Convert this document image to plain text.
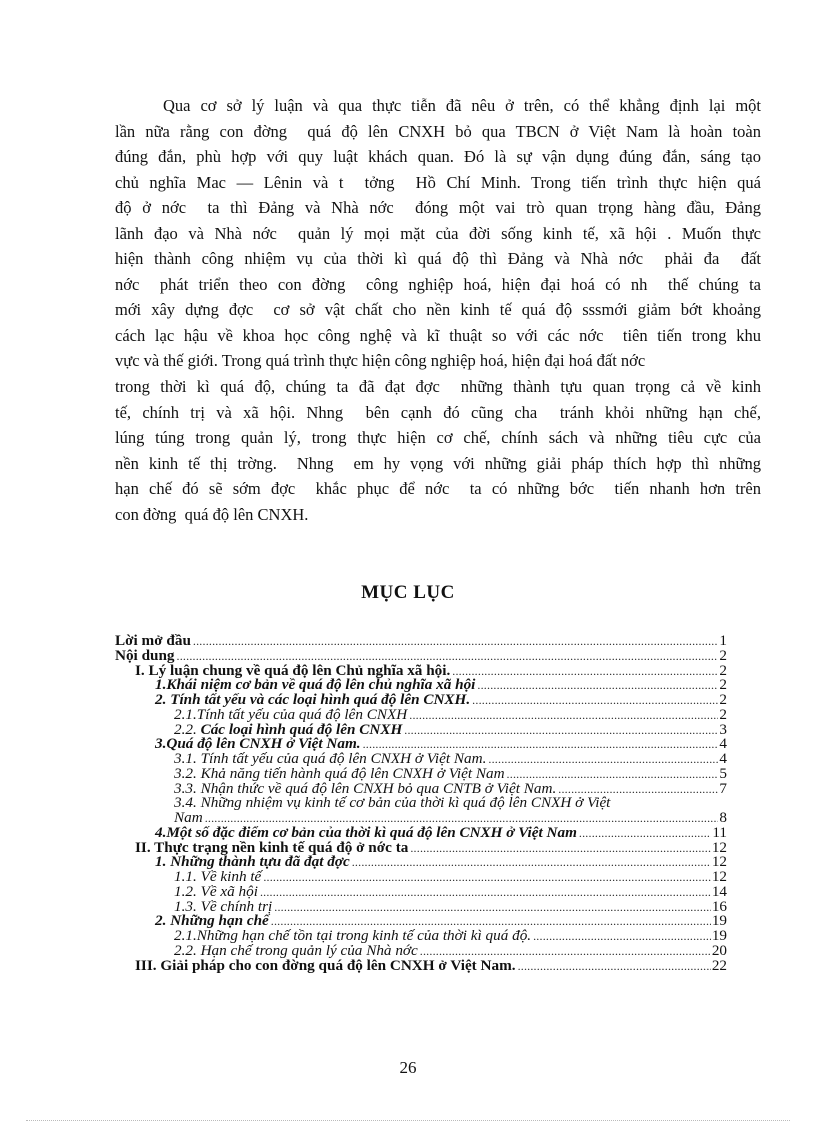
Qua cơ sở lý luận và qua thực tiễn đã nêu ở trên, có thể khẳng định lại một
lần nữa rằng con đờng  quá độ lên CNXH bỏ qua TBCN ở Việt Nam là hoàn toàn
đúng đắn, phù hợp với quy luật khách quan. Đó là sự vận dụng đúng đắn, sáng tạo
chủ nghĩa Mac — Lênin và t  tởng  Hồ Chí Minh. Trong tiến trình thực hiện quá
độ ở nớc  ta thì Đảng và Nhà nớc  đóng một vai trò quan trọng hàng đầu, Đảng
lãnh đạo và Nhà nớc  quản lý mọi mặt của đời sống kinh tế, xã hội . Muốn thực
hiện thành công nhiệm vụ của thời kì quá độ thì Đảng và Nhà nớc  phải đa  đất
nớc  phát triển theo con đờng  công nghiệp hoá, hiện đại hoá có nh  thế chúng ta
mới xây dựng đợc  cơ sở vật chất cho nền kinh tế quá độ sssmới giảm bớt khoảng
cách lạc hậu về khoa học công nghệ và kĩ thuật so với các nớc  tiên tiến trong khu
vực và thế giới. Trong quá trình thực hiện công nghiệp hoá, hiện đại hoá đất nớc
trong thời kì quá độ, chúng ta đã đạt đợc  những thành tựu quan trọng cả về kinh
tế, chính trị và xã hội. Nhng  bên cạnh đó cũng cha  tránh khỏi những hạn chế,
lúng túng trong quản lý, trong thực hiện cơ chế, chính sách và những tiêu cực của
nền kinh tế thị trờng.  Nhng  em hy vọng với những giải pháp thích hợp thì những
hạn chế đó sẽ sớm đợc  khắc phục để nớc  ta có những bớc  tiến nhanh hơn trên
con đờng  quá độ lên CNXH.
MỤC LỤC
Lời mở đầu .....	1
Nội dung .....	2
I. Lý luận chung về quá độ lên Chủ nghĩa xã hội. .....	2
1.Khái niệm cơ bản về quá độ lên chủ nghĩa xã hội .....	2
2. Tính tất yếu và các loại hình quá độ lên CNXH. .....	2
2.1.Tính tất yếu của quá độ lên CNXH .....	2
2.2. Các loại hình quá độ lên CNXH .....	3
3.Quá độ lên CNXH ở Việt Nam. .....	4
3.1. Tính tất yếu của quá độ lên CNXH ở Việt Nam. .....	4
3.2. Khả năng tiến hành quá độ lên CNXH ở Việt Nam .....	5
3.3. Nhận thức về quá độ lên CNXH bỏ qua CNTB ở Việt Nam. .....	7
3.4. Những nhiệm vụ kinh tế cơ bản của thời kì quá độ lên CNXH ở Việt
Nam .....	8
4.Một số đặc điểm cơ bản của thời kì quá độ lên CNXH ở Việt Nam .....	11
II. Thực trạng nền kinh tế quá độ ở nớc ta .....	12
1. Những thành tựu đã đạt đợc .....	12
1.1. Về kinh tế .....	12
1.2. Về xã hội .....	14
1.3. Về chính trị .....	16
2. Những hạn chế .....	19
2.1.Những hạn chế tồn tại trong kinh tế của thời kì quá độ. .....	19
2.2. Hạn chế trong quản lý của Nhà nớc .....	20
III. Giải pháp cho con đờng quá độ lên CNXH ở Việt Nam. .....	22
26
